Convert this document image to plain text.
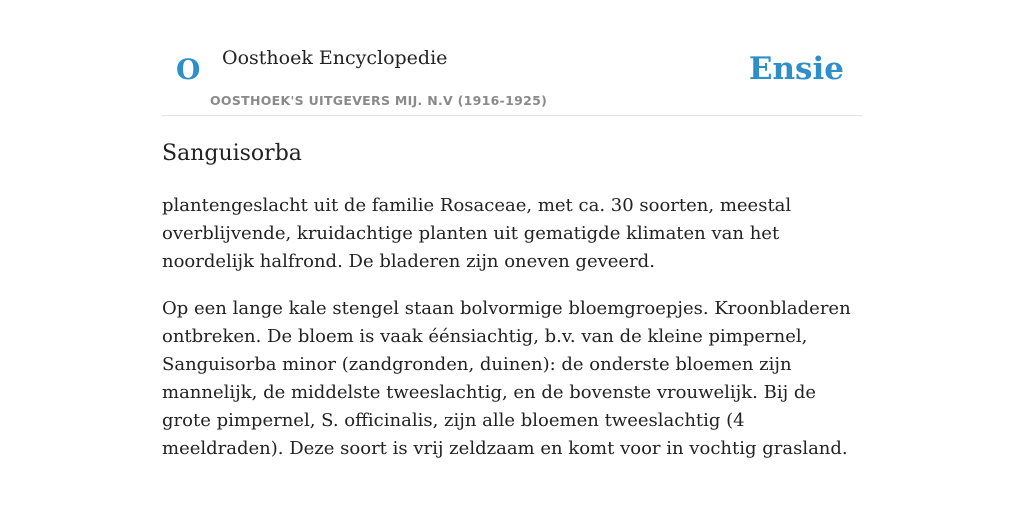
O Oosthoek Encyclopedie
OOSTHOEK'S UITGEVERS MIJ. N.V (1916-1925)
Ensie
Sanguisorba

plantengeslacht uit de familie Rosaceae, met ca. 30 soorten, meestal overblijvende, kruidachtige planten uit gematigde klimaten van het noordelijk halfrond. De bladeren zijn oneven geveerd.

Op een lange kale stengel staan bolvormige bloemgroepjes. Kroonbladeren ontbreken. De bloem is vaak éénsiachtig, b.v. van de kleine pimpernel, Sanguisorba minor (zandgronden, duinen): de onderste bloemen zijn mannelijk, de middelste tweeslachtig, en de bovenste vrouwelijk. Bij de grote pimpernel, S. officinalis, zijn alle bloemen tweeslachtig (4 meeldraden). Deze soort is vrij zeldzaam en komt voor in vochtig grasland.
